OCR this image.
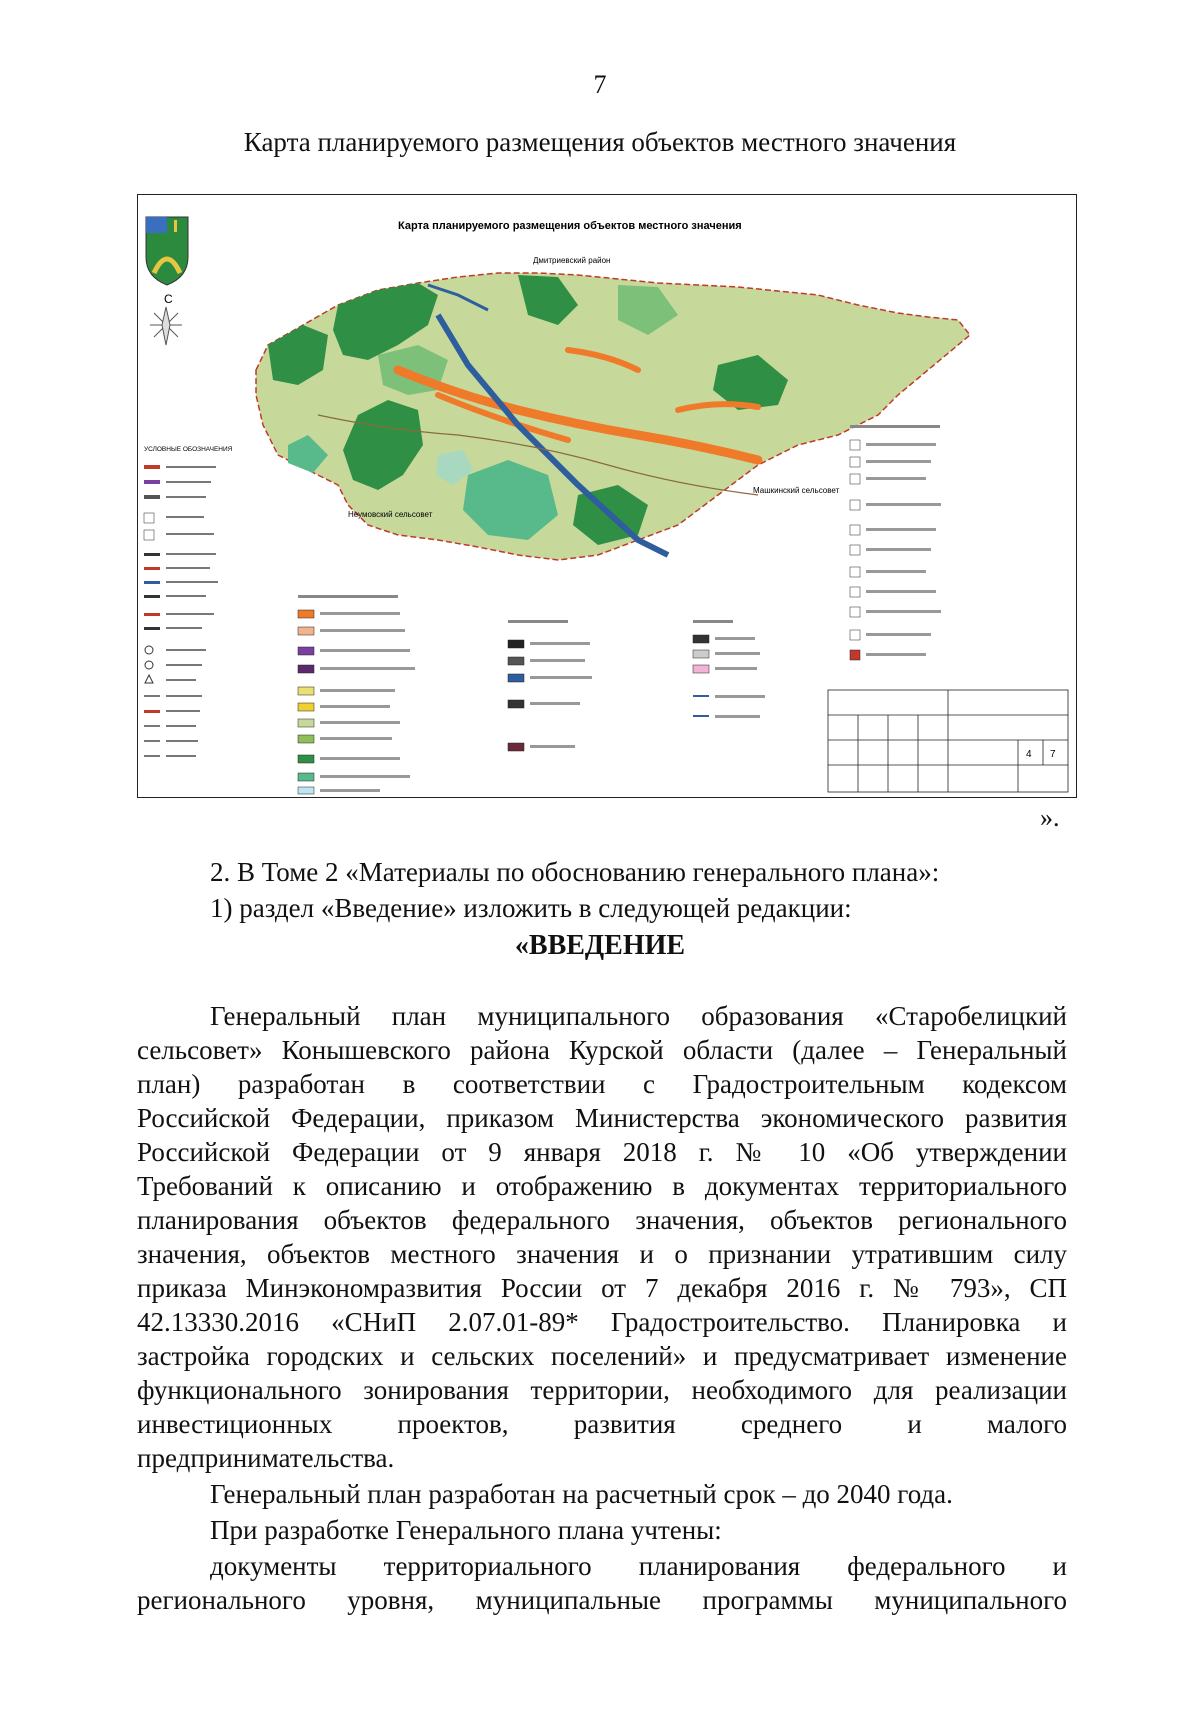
7
Карта планируемого размещения объектов местного значения
С
Карта планируемого размещения объектов местного значения
Дмитриевский район
Неумовский сельсовет
Машкинский сельсовет
УСЛОВНЫЕ ОБОЗНАЧЕНИЯ
4 7
».
2. В Томе 2 «Материалы по обоснованию генерального плана»:
1) раздел «Введение» изложить в следующей редакции:
«ВВЕДЕНИЕ
Генеральный план муниципального образования «Старобелицкий
сельсовет» Конышевского района Курской области (далее – Генеральный
план) разработан в соответствии с Градостроительным кодексом
Российской Федерации, приказом Министерства экономического развития
Российской Федерации от 9 января 2018 г. № 10 «Об утверждении
Требований к описанию и отображению в документах территориального
планирования объектов федерального значения, объектов регионального
значения, объектов местного значения и о признании утратившим силу
приказа Минэкономразвития России от 7 декабря 2016 г. № 793», СП
42.13330.2016 «СНиП 2.07.01-89* Градостроительство. Планировка и
застройка городских и сельских поселений» и предусматривает изменение
функционального зонирования территории, необходимого для реализации
инвестиционных проектов, развития среднего и малого
предпринимательства.
Генеральный план разработан на расчетный срок – до 2040 года.
При разработке Генерального плана учтены:
документы территориального планирования федерального и
регионального уровня, муниципальные программы муниципального
